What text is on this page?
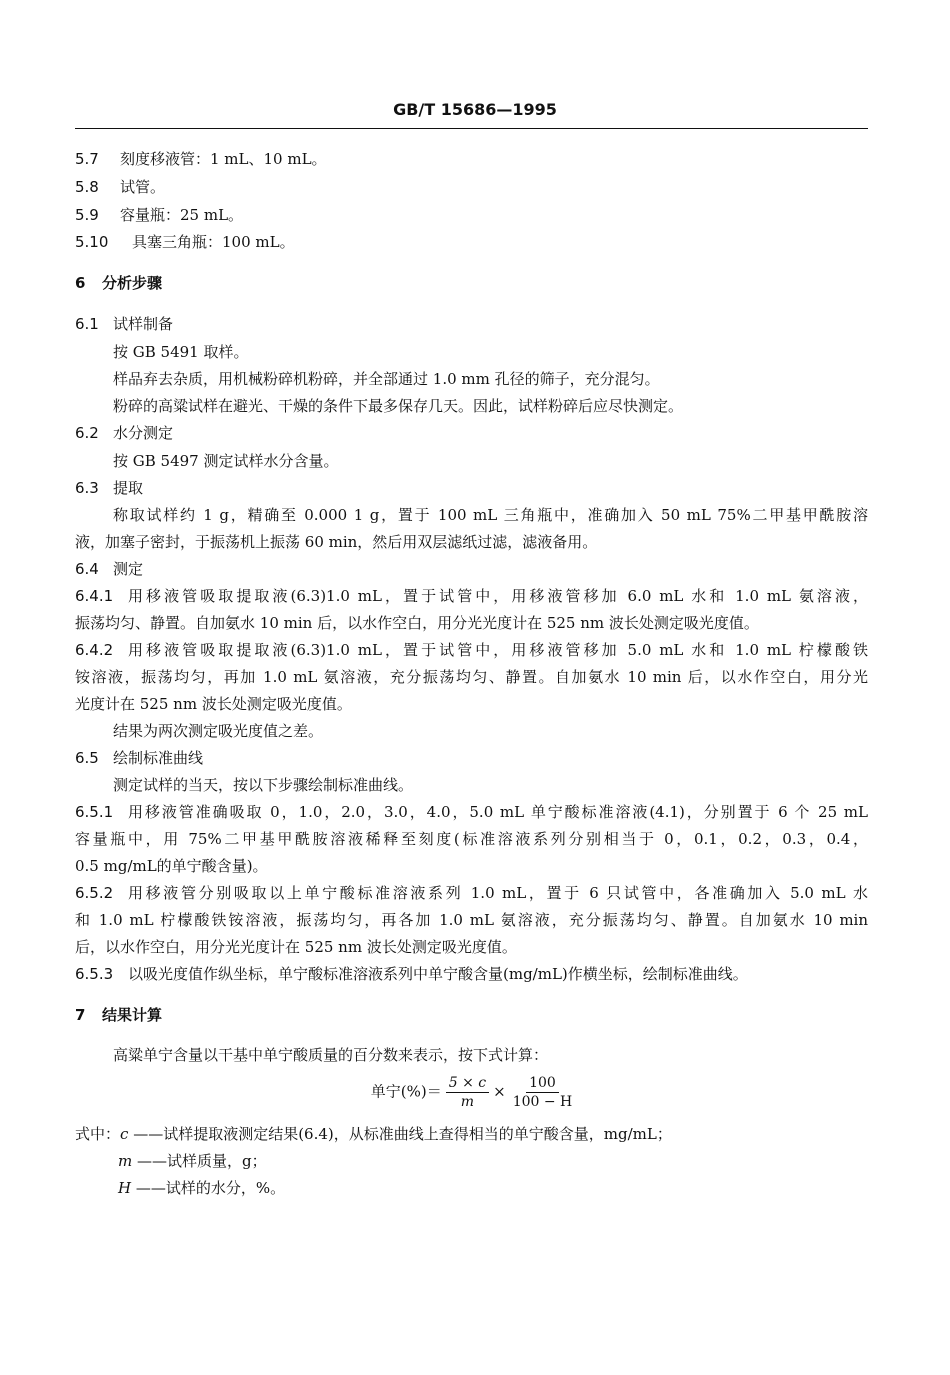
GB/T 15686—1995
5.7 刻度移液管：1 mL、10 mL。
5.8 试管。
5.9 容量瓶：25 mL。
5.10 具塞三角瓶：100 mL。
6 分析步骤
6.1 试样制备
按 GB 5491 取样。
样品弃去杂质，用机械粉碎机粉碎，并全部通过 1.0 mm 孔径的筛子，充分混匀。
粉碎的高粱试样在避光、干燥的条件下最多保存几天。因此，试样粉碎后应尽快测定。
6.2 水分测定
按 GB 5497 测定试样水分含量。
6.3 提取
称取试样约 1 g，精确至 0.000 1 g，置于 100 mL 三角瓶中，准确加入 50 mL 75%二甲基甲酰胺溶
液，加塞子密封，于振荡机上振荡 60 min，然后用双层滤纸过滤，滤液备用。
6.4 测定
6.4.1 用移液管吸取提取液(6.3)1.0 mL，置于试管中，用移液管移加 6.0 mL 水和 1.0 mL 氨溶液，
振荡均匀、静置。自加氨水 10 min 后，以水作空白，用分光光度计在 525 nm 波长处测定吸光度值。
6.4.2 用移液管吸取提取液(6.3)1.0 mL，置于试管中，用移液管移加 5.0 mL 水和 1.0 mL 柠檬酸铁
铵溶液，振荡均匀，再加 1.0 mL 氨溶液，充分振荡均匀、静置。自加氨水 10 min 后，以水作空白，用分光
光度计在 525 nm 波长处测定吸光度值。
结果为两次测定吸光度值之差。
6.5 绘制标准曲线
测定试样的当天，按以下步骤绘制标准曲线。
6.5.1 用移液管准确吸取 0，1.0，2.0，3.0，4.0，5.0 mL 单宁酸标准溶液(4.1)，分别置于 6 个 25 mL
容量瓶中，用 75%二甲基甲酰胺溶液稀释至刻度(标准溶液系列分别相当于 0，0.1，0.2，0.3，0.4，
0.5 mg/mL的单宁酸含量)。
6.5.2 用移液管分别吸取以上单宁酸标准溶液系列 1.0 mL，置于 6 只试管中，各准确加入 5.0 mL 水
和 1.0 mL 柠檬酸铁铵溶液，振荡均匀，再各加 1.0 mL 氨溶液，充分振荡均匀、静置。自加氨水 10 min
后，以水作空白，用分光光度计在 525 nm 波长处测定吸光度值。
6.5.3 以吸光度值作纵坐标，单宁酸标准溶液系列中单宁酸含量(mg/mL)作横坐标，绘制标准曲线。
7 结果计算
高粱单宁含量以干基中单宁酸质量的百分数来表示，按下式计算：
单宁(%)＝ $\frac{5 \times c}{m} \times \frac{100}{100 - H}$
式中：c ——试样提取液测定结果(6.4)，从标准曲线上查得相当的单宁酸含量，mg/mL；
m ——试样质量，g；
H ——试样的水分，%。
